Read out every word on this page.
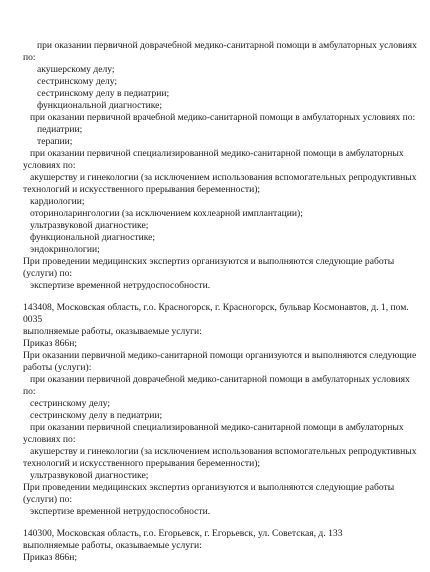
при оказании первичной доврачебной медико-санитарной помощи в амбулаторных условиях
по:
акушерскому делу;
сестринскому делу;
сестринскому делу в педиатрии;
функциональной диагностике;
при оказании первичной врачебной медико-санитарной помощи в амбулаторных условиях по:
педиатрии;
терапии;
при оказании первичной специализированной медико-санитарной помощи в амбулаторных
условиях по:
акушерству и гинекологии (за исключением использования вспомогательных репродуктивных
технологий и искусственного прерывания беременности);
кардиологии;
оториноларингологии (за исключением кохлеарной имплантации);
ультразвуковой диагностике;
функциональной диагностике;
эндокринологии;
При проведении медицинских экспертиз организуются и выполняются следующие работы
(услуги) по:
экспертизе временной нетрудоспособности.
143408, Московская область, г.о. Красногорск, г. Красногорск, бульвар Космонавтов, д. 1, пом.
0035
выполняемые работы, оказываемые услуги:
Приказ 866н;
При оказании первичной медико-санитарной помощи организуются и выполняются следующие
работы (услуги):
при оказании первичной доврачебной медико-санитарной помощи в амбулаторных условиях
по:
сестринскому делу;
сестринскому делу в педиатрии;
при оказании первичной специализированной медико-санитарной помощи в амбулаторных
условиях по:
акушерству и гинекологии (за исключением использования вспомогательных репродуктивных
технологий и искусственного прерывания беременности);
ультразвуковой диагностике;
При проведении медицинских экспертиз организуются и выполняются следующие работы
(услуги) по:
экспертизе временной нетрудоспособности.
140300, Московская область, г.о. Егорьевск, г. Егорьевск, ул. Советская, д. 133
выполняемые работы, оказываемые услуги:
Приказ 866н;
